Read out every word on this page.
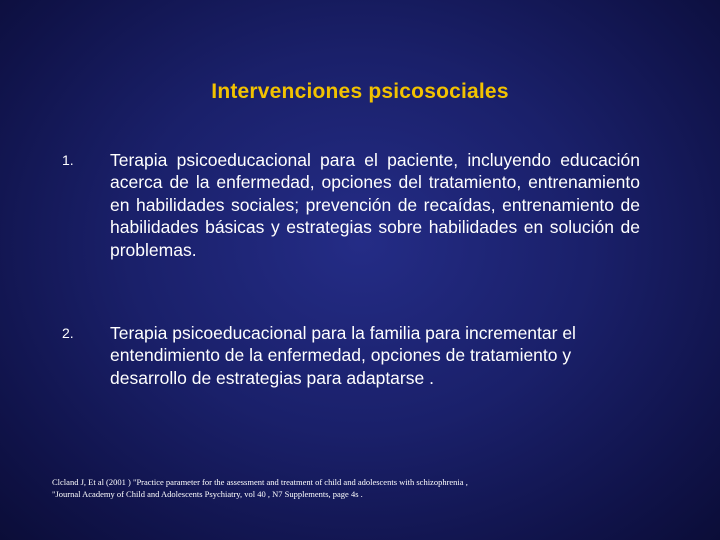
Intervenciones psicosociales
1. Terapia psicoeducacional para el paciente, incluyendo educación acerca de la enfermedad, opciones del tratamiento, entrenamiento en habilidades sociales; prevención de recaídas, entrenamiento de habilidades básicas y estrategias sobre habilidades en solución de problemas.
2. Terapia psicoeducacional para la familia para incrementar el entendimiento de la enfermedad, opciones de tratamiento y desarrollo de estrategias para adaptarse .
Clcland J, Et al (2001 ) "Practice parameter for the assessment and treatment of child and adolescents with schizophrenia ,
"Journal Academy of Child and Adolescents Psychiatry, vol 40 , N7 Supplements, page 4s .
